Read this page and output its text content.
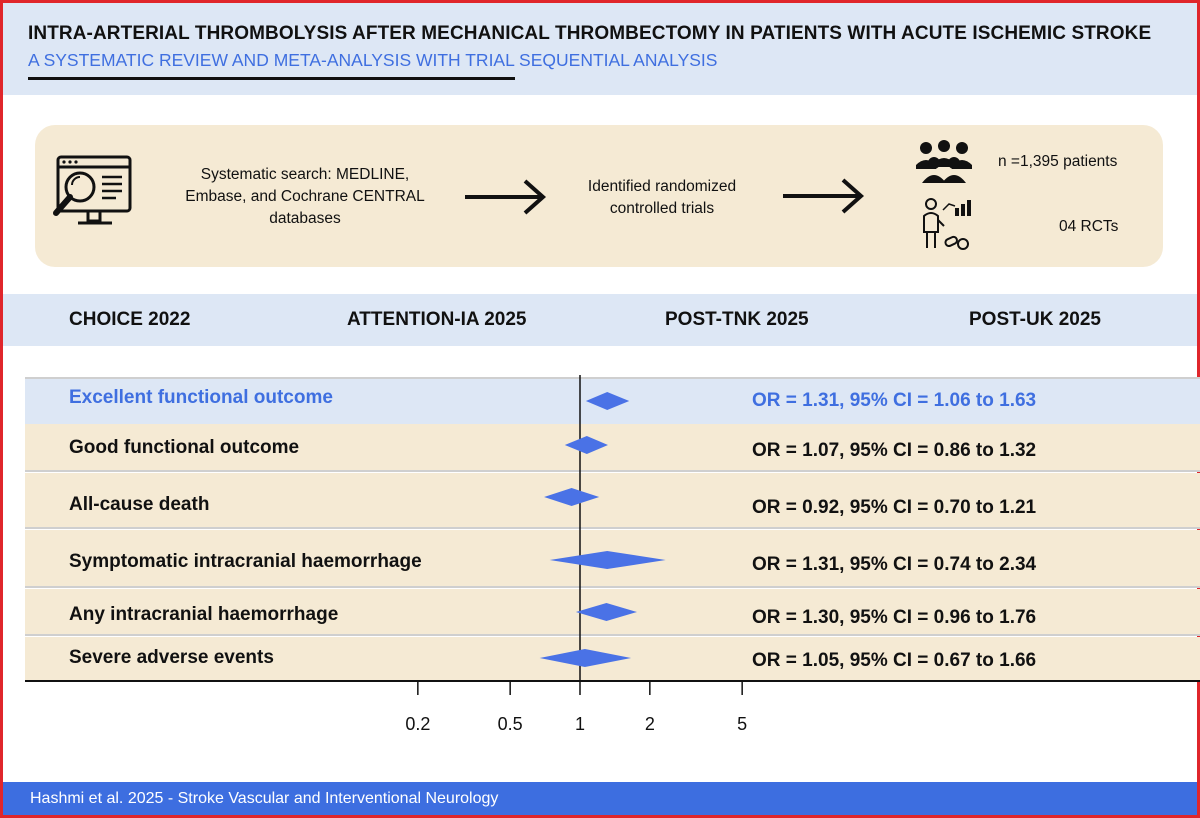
INTRA-ARTERIAL THROMBOLYSIS AFTER MECHANICAL THROMBECTOMY IN PATIENTS WITH ACUTE ISCHEMIC STROKE
A SYSTEMATIC REVIEW AND META-ANALYSIS WITH TRIAL SEQUENTIAL ANALYSIS
Systematic search: MEDLINE,
Embase, and Cochrane CENTRAL
databases
Identified randomized
controlled trials
n =1,395 patients
04 RCTs
CHOICE 2022	ATTENTION-IA 2025	POST-TNK 2025	POST-UK 2025
0.2	0.5	1	2	5
Excellent functional outcome	OR = 1.31, 95% CI = 1.06 to 1.63
Good functional outcome	OR = 1.07, 95% CI = 0.86 to 1.32
All-cause death	OR = 0.92, 95% CI = 0.70 to 1.21
Symptomatic intracranial haemorrhage	OR = 1.31, 95% CI = 0.74 to 2.34
Any intracranial haemorrhage	OR = 1.30, 95% CI = 0.96 to 1.76
Severe adverse events	OR = 1.05, 95% CI = 0.67 to 1.66
Hashmi et al. 2025 - Stroke Vascular and Interventional Neurology
